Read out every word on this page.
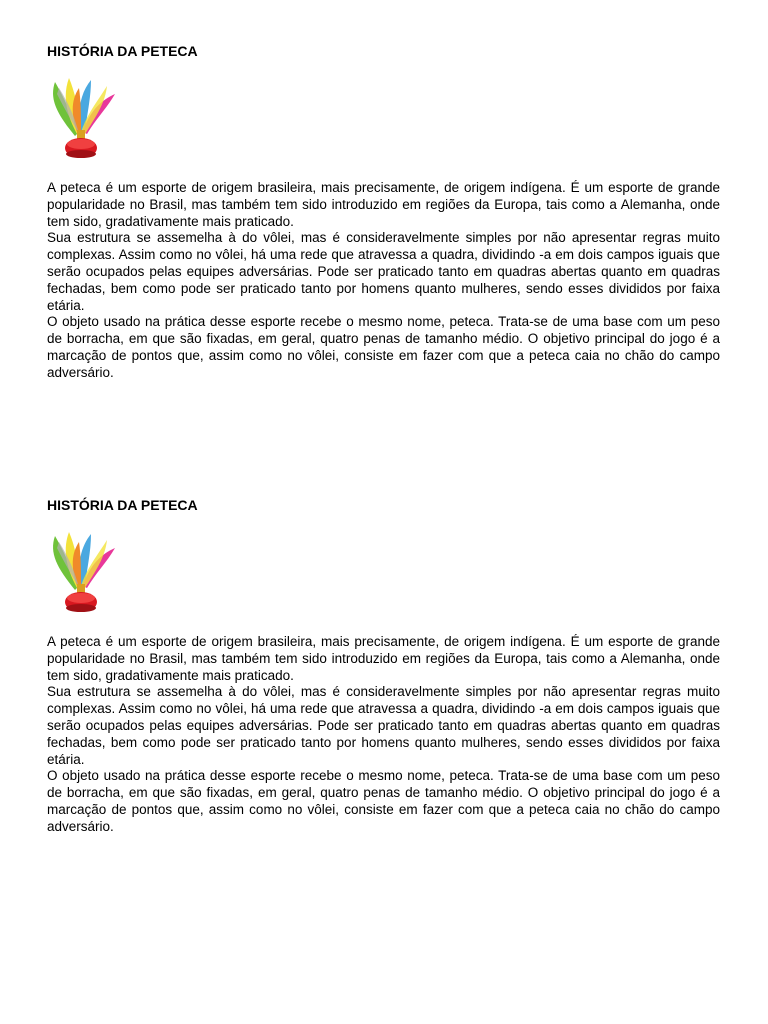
HISTÓRIA DA PETECA

A peteca é um esporte de origem brasileira, mais precisamente, de origem indígena. É um esporte de grande popularidade no Brasil, mas também tem sido introduzido em regiões da Europa, tais como a Alemanha, onde tem sido, gradativamente mais praticado.

Sua estrutura se assemelha à do vôlei, mas é consideravelmente simples por não apresentar regras muito complexas. Assim como no vôlei, há uma rede que atravessa a quadra, dividindo -a em dois campos iguais que serão ocupados pelas equipes adversárias. Pode ser praticado tanto em quadras abertas quanto em quadras fechadas, bem como pode ser praticado tanto por homens quanto mulheres, sendo esses divididos por faixa etária.

O objeto usado na prática desse esporte recebe o mesmo nome, peteca. Trata-se de uma base com um peso de borracha, em que são fixadas, em geral, quatro penas de tamanho médio. O objetivo principal do jogo é a marcação de pontos que, assim como no vôlei, consiste em fazer com que a peteca caia no chão do campo adversário.

HISTÓRIA DA PETECA

A peteca é um esporte de origem brasileira, mais precisamente, de origem indígena. É um esporte de grande popularidade no Brasil, mas também tem sido introduzido em regiões da Europa, tais como a Alemanha, onde tem sido, gradativamente mais praticado.

Sua estrutura se assemelha à do vôlei, mas é consideravelmente simples por não apresentar regras muito complexas. Assim como no vôlei, há uma rede que atravessa a quadra, dividindo -a em dois campos iguais que serão ocupados pelas equipes adversárias. Pode ser praticado tanto em quadras abertas quanto em quadras fechadas, bem como pode ser praticado tanto por homens quanto mulheres, sendo esses divididos por faixa etária.

O objeto usado na prática desse esporte recebe o mesmo nome, peteca. Trata-se de uma base com um peso de borracha, em que são fixadas, em geral, quatro penas de tamanho médio. O objetivo principal do jogo é a marcação de pontos que, assim como no vôlei, consiste em fazer com que a peteca caia no chão do campo adversário.
